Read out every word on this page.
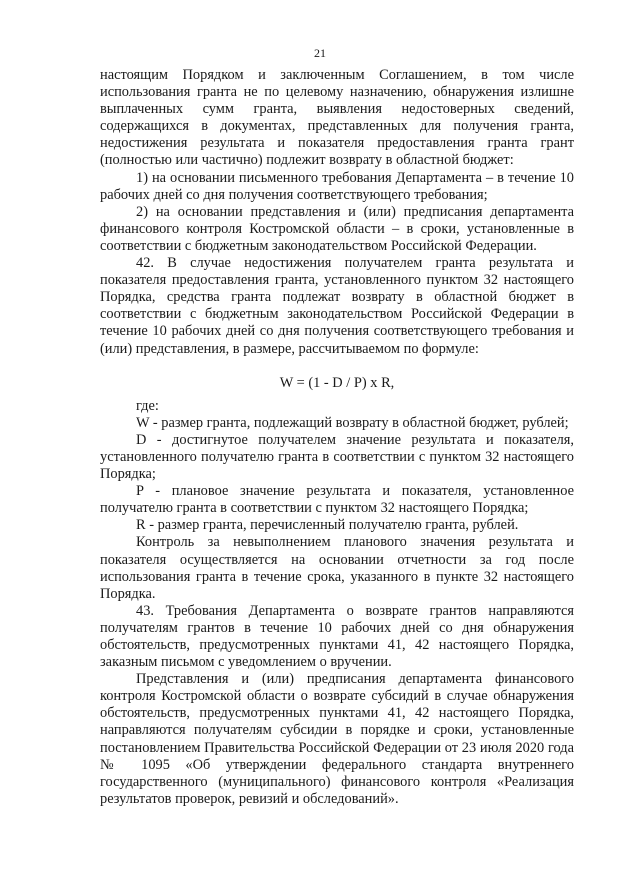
21

настоящим Порядком и заключенным Соглашением, в том числе использования гранта не по целевому назначению, обнаружения излишне выплаченных сумм гранта, выявления недостоверных сведений, содержащихся в документах, представленных для получения гранта, недостижения результата и показателя предоставления гранта грант (полностью или частично) подлежит возврату в областной бюджет:

1) на основании письменного требования Департамента – в течение 10 рабочих дней со дня получения соответствующего требования;

2) на основании представления и (или) предписания департамента финансового контроля Костромской области – в сроки, установленные в соответствии с бюджетным законодательством Российской Федерации.

42. В случае недостижения получателем гранта результата и показателя предоставления гранта, установленного пунктом 32 настоящего Порядка, средства гранта подлежат возврату в областной бюджет в соответствии с бюджетным законодательством Российской Федерации в течение 10 рабочих дней со дня получения соответствующего требования и (или) представления, в размере, рассчитываемом по формуле:

W = (1 - D / P) x R,

где:

W - размер гранта, подлежащий возврату в областной бюджет, рублей;

D - достигнутое получателем значение результата и показателя, установленного получателю гранта в соответствии с пунктом 32 настоящего Порядка;

P - плановое значение результата и показателя, установленное получателю гранта в соответствии с пунктом 32 настоящего Порядка;

R - размер гранта, перечисленный получателю гранта, рублей.

Контроль за невыполнением планового значения результата и показателя осуществляется на основании отчетности за год после использования гранта в течение срока, указанного в пункте 32 настоящего Порядка.

43. Требования Департамента о возврате грантов направляются получателям грантов в течение 10 рабочих дней со дня обнаружения обстоятельств, предусмотренных пунктами 41, 42 настоящего Порядка, заказным письмом с уведомлением о вручении.

Представления и (или) предписания департамента финансового контроля Костромской области о возврате субсидий в случае обнаружения обстоятельств, предусмотренных пунктами 41, 42 настоящего Порядка, направляются получателям субсидии в порядке и сроки, установленные постановлением Правительства Российской Федерации от 23 июля 2020 года № 1095 «Об утверждении федерального стандарта внутреннего государственного (муниципального) финансового контроля «Реализация результатов проверок, ревизий и обследований».
